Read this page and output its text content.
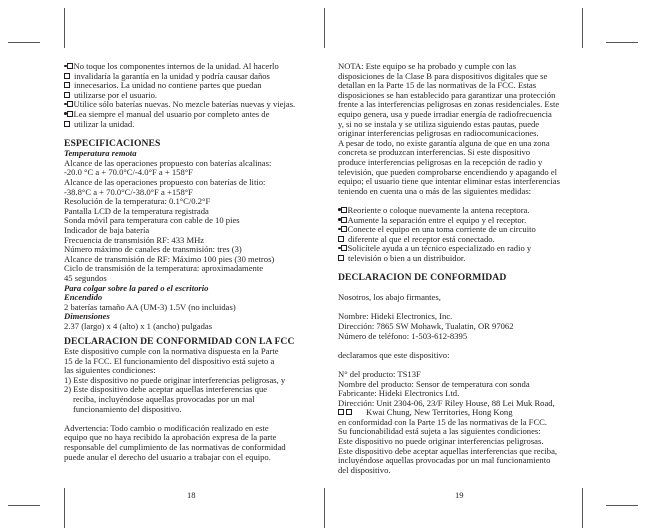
No toque los componentes internos de la unidad. Al hacerlo
invalidaría la garantía en la unidad y podría causar daños
innecesarios. La unidad no contiene partes que puedan
utilizarse por el usuario.
Utilice sólo baterías nuevas. No mezcle baterías nuevas y viejas.
Lea siempre el manual del usuario por completo antes de
utilizar la unidad.
ESPECIFICACIONES
Temperatura remota
Alcance de las operaciones propuesto con baterías alcalinas:
-20.0 °C a + 70.0°C/-4.0°F a + 158°F
Alcance de las operaciones propuesto con baterías de litio:
-38.8°C a + 70.0°C/-38.0°F a +158°F
Resolución de la temperatura: 0.1°C/0.2°F
Pantalla LCD de la temperatura registrada
Sonda móvil para temperatura con cable de 10 pies
Indicador de baja batería
Frecuencia de transmisión RF: 433 MHz
Número máximo de canales de transmisión: tres (3)
Alcance de transmisión de RF: Máximo 100 pies (30 metros)
Ciclo de transmisión de la temperatura: aproximadamente
45 segundos
Para colgar sobre la pared o el escritorio
Encendido
2 baterías tamaño AA (UM-3) 1.5V (no incluidas)
Dimensiones
2.37 (largo) x 4 (alto) x 1 (ancho) pulgadas
DECLARACION DE CONFORMIDAD CON LA FCC
Este dispositivo cumple con la normativa dispuesta en la Parte
15 de la FCC. El funcionamiento del dispositivo está sujeto a
las siguientes condiciones:
1) Este dispositivo no puede originar interferencias peligrosas, y
2) Este dispositivo debe aceptar aquellas interferencias que
reciba, incluyéndose aquellas provocadas por un mal
funcionamiento del dispositivo.
Advertencia: Todo cambio o modificación realizado en este
equipo que no haya recibido la aprobación expresa de la parte
responsable del cumplimiento de las normativas de conformidad
puede anular el derecho del usuario a trabajar con el equipo.
18
NOTA: Este equipo se ha probado y cumple con las
disposiciones de la Clase B para dispositivos digitales que se
detallan en la Parte 15 de las normativas de la FCC. Estas
disposiciones se han establecido para garantizar una protección
frente a las interferencias peligrosas en zonas residenciales. Este
equipo genera, usa y puede irradiar energía de radiofrecuencia
y, si no se instala y se utiliza siguiendo estas pautas, puede
originar interferencias peligrosas en radiocomunicaciones.
A pesar de todo, no existe garantía alguna de que en una zona
concreta se produzcan interferencias. Si este dispositivo
produce interferencias peligrosas en la recepción de radio y
televisión, que pueden comprobarse encendiendo y apagando el
equipo; el usuario tiene que intentar eliminar estas interferencias
teniendo en cuenta una o más de las siguientes medidas:
Reoriente o coloque nuevamente la antena receptora.
Aumente la separación entre el equipo y el receptor.
Conecte el equipo en una toma corriente de un circuito
diferente al que el receptor está conectado.
Solicítele ayuda a un técnico especializado en radio y
televisión o bien a un distribuidor.
DECLARACION DE CONFORMIDAD
Nosotros, los abajo firmantes,
Nombre: Hideki Electronics, Inc.
Dirección: 7865 SW Mohawk, Tualatin, OR 97062
Número de teléfono: 1-503-612-8395
declaramos que este dispositivo:
N° del producto: TS13F
Nombre del producto: Sensor de temperatura con sonda
Fabricante: Hideki Electronics Ltd.
Dirección: Unit 2304-06, 23/F Riley House, 88 Lei Muk Road,
Kwai Chung, New Territories, Hong Kong
en conformidad con la Parte 15 de las normativas de la FCC.
Su funcionabilidad está sujeta a las siguientes condiciones:
Este dispositivo no puede originar interferencias peligrosas.
Este dispositivo debe aceptar aquellas interferencias que reciba,
incluyéndose aquellas provocadas por un mal funcionamiento
del dispositivo.
19
